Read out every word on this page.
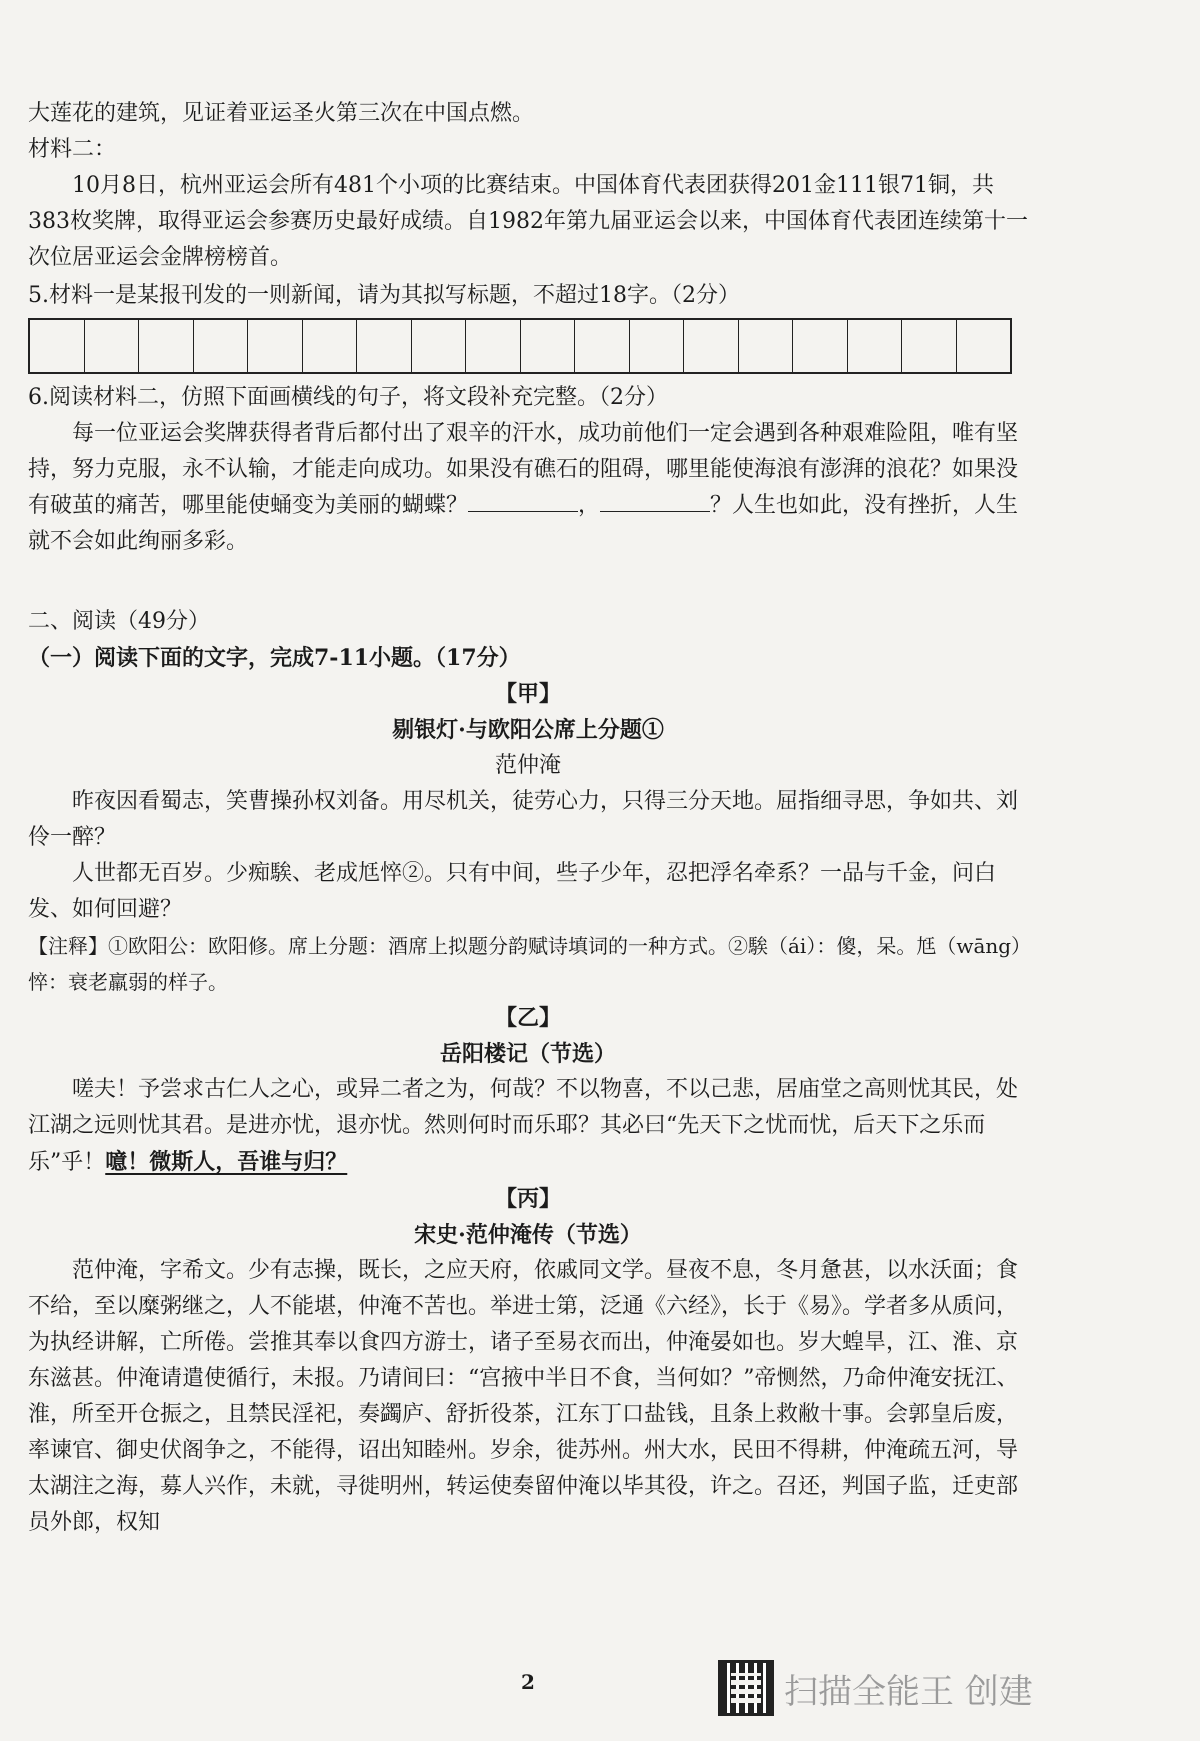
大莲花的建筑，见证着亚运圣火第三次在中国点燃。

材料二：

10月8日，杭州亚运会所有481个小项的比赛结束。中国体育代表团获得201金111银71铜，共383枚奖牌，取得亚运会参赛历史最好成绩。自1982年第九届亚运会以来，中国体育代表团连续第十一次位居亚运会金牌榜榜首。

5.材料一是某报刊发的一则新闻，请为其拟写标题，不超过18字。（2分）

6.阅读材料二，仿照下面画横线的句子，将文段补充完整。（2分）

每一位亚运会奖牌获得者背后都付出了艰辛的汗水，成功前他们一定会遇到各种艰难险阻，唯有坚持，努力克服，永不认输，才能走向成功。如果没有礁石的阻碍，哪里能使海浪有澎湃的浪花？如果没有破茧的痛苦，哪里能使蛹变为美丽的蝴蝶？	，	？人生也如此，没有挫折，人生就不会如此绚丽多彩。

二、阅读（49分）

（一）阅读下面的文字，完成7-11小题。（17分）

【甲】

剔银灯·与欧阳公席上分题①

范仲淹

昨夜因看蜀志，笑曹操孙权刘备。用尽机关，徒劳心力，只得三分天地。屈指细寻思，争如共、刘伶一醉？

人世都无百岁。少痴騃、老成尪悴②。只有中间，些子少年，忍把浮名牵系？一品与千金，问白发、如何回避？

【注释】①欧阳公：欧阳修。席上分题：酒席上拟题分韵赋诗填词的一种方式。②騃（ái）：傻，呆。尪（wāng）悴：衰老羸弱的样子。

【乙】

岳阳楼记（节选）

嗟夫！予尝求古仁人之心，或异二者之为，何哉？不以物喜，不以己悲，居庙堂之高则忧其民，处江湖之远则忧其君。是进亦忧，退亦忧。然则何时而乐耶？其必曰“先天下之忧而忧，后天下之乐而乐”乎！噫！微斯人，吾谁与归？

【丙】

宋史·范仲淹传（节选）

范仲淹，字希文。少有志操，既长，之应天府，依戚同文学。昼夜不息，冬月惫甚，以水沃面；食不给，至以糜粥继之，人不能堪，仲淹不苦也。举进士第，泛通《六经》，长于《易》。学者多从质问，为执经讲解，亡所倦。尝推其奉以食四方游士，诸子至易衣而出，仲淹晏如也。岁大蝗旱，江、淮、京东滋甚。仲淹请遣使循行，未报。乃请间曰：“宫掖中半日不食，当何如？”帝恻然，乃命仲淹安抚江、淮，所至开仓振之，且禁民淫祀，奏蠲庐、舒折役茶，江东丁口盐钱，且条上救敝十事。会郭皇后废，率谏官、御史伏阁争之，不能得，诏出知睦州。岁余，徙苏州。州大水，民田不得耕，仲淹疏五河，导太湖注之海，募人兴作，未就，寻徙明州，转运使奏留仲淹以毕其役，许之。召还，判国子监，迁吏部员外郎，权知

2	扫描全能王 创建
